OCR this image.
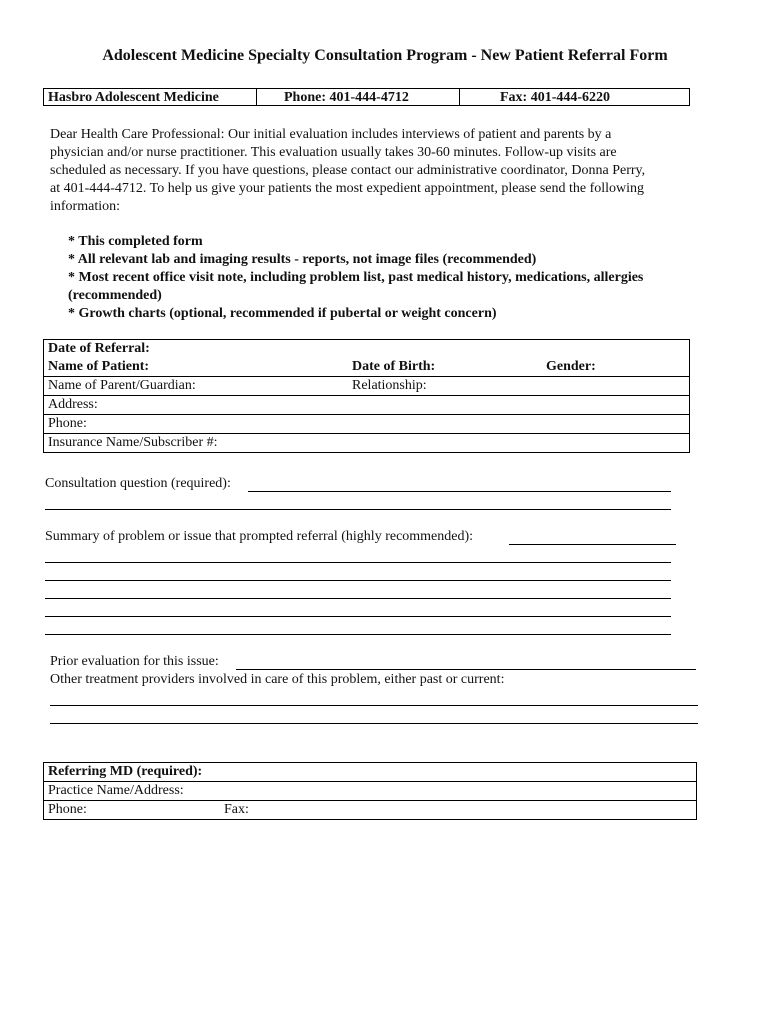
Adolescent Medicine Specialty Consultation Program - New Patient Referral Form
Hasbro Adolescent Medicine	Phone: 401-444-4712	Fax: 401-444-6220
Dear Health Care Professional: Our initial evaluation includes interviews of patient and parents by a
physician and/or nurse practitioner. This evaluation usually takes 30-60 minutes. Follow-up visits are
scheduled as necessary. If you have questions, please contact our administrative coordinator, Donna Perry,
at 401-444-4712. To help us give your patients the most expedient appointment, please send the following
information:
* This completed form
* All relevant lab and imaging results - reports, not image files (recommended)
* Most recent office visit note, including problem list, past medical history, medications, allergies
(recommended)
* Growth charts (optional, recommended if pubertal or weight concern)
Date of Referral:
Name of Patient:	Date of Birth:	Gender:
Name of Parent/Guardian:	Relationship:
Address:
Phone:
Insurance Name/Subscriber #:
Consultation question (required):
Summary of problem or issue that prompted referral (highly recommended):
Prior evaluation for this issue:
Other treatment providers involved in care of this problem, either past or current:
Referring MD (required):
Practice Name/Address:
Phone:	Fax:
